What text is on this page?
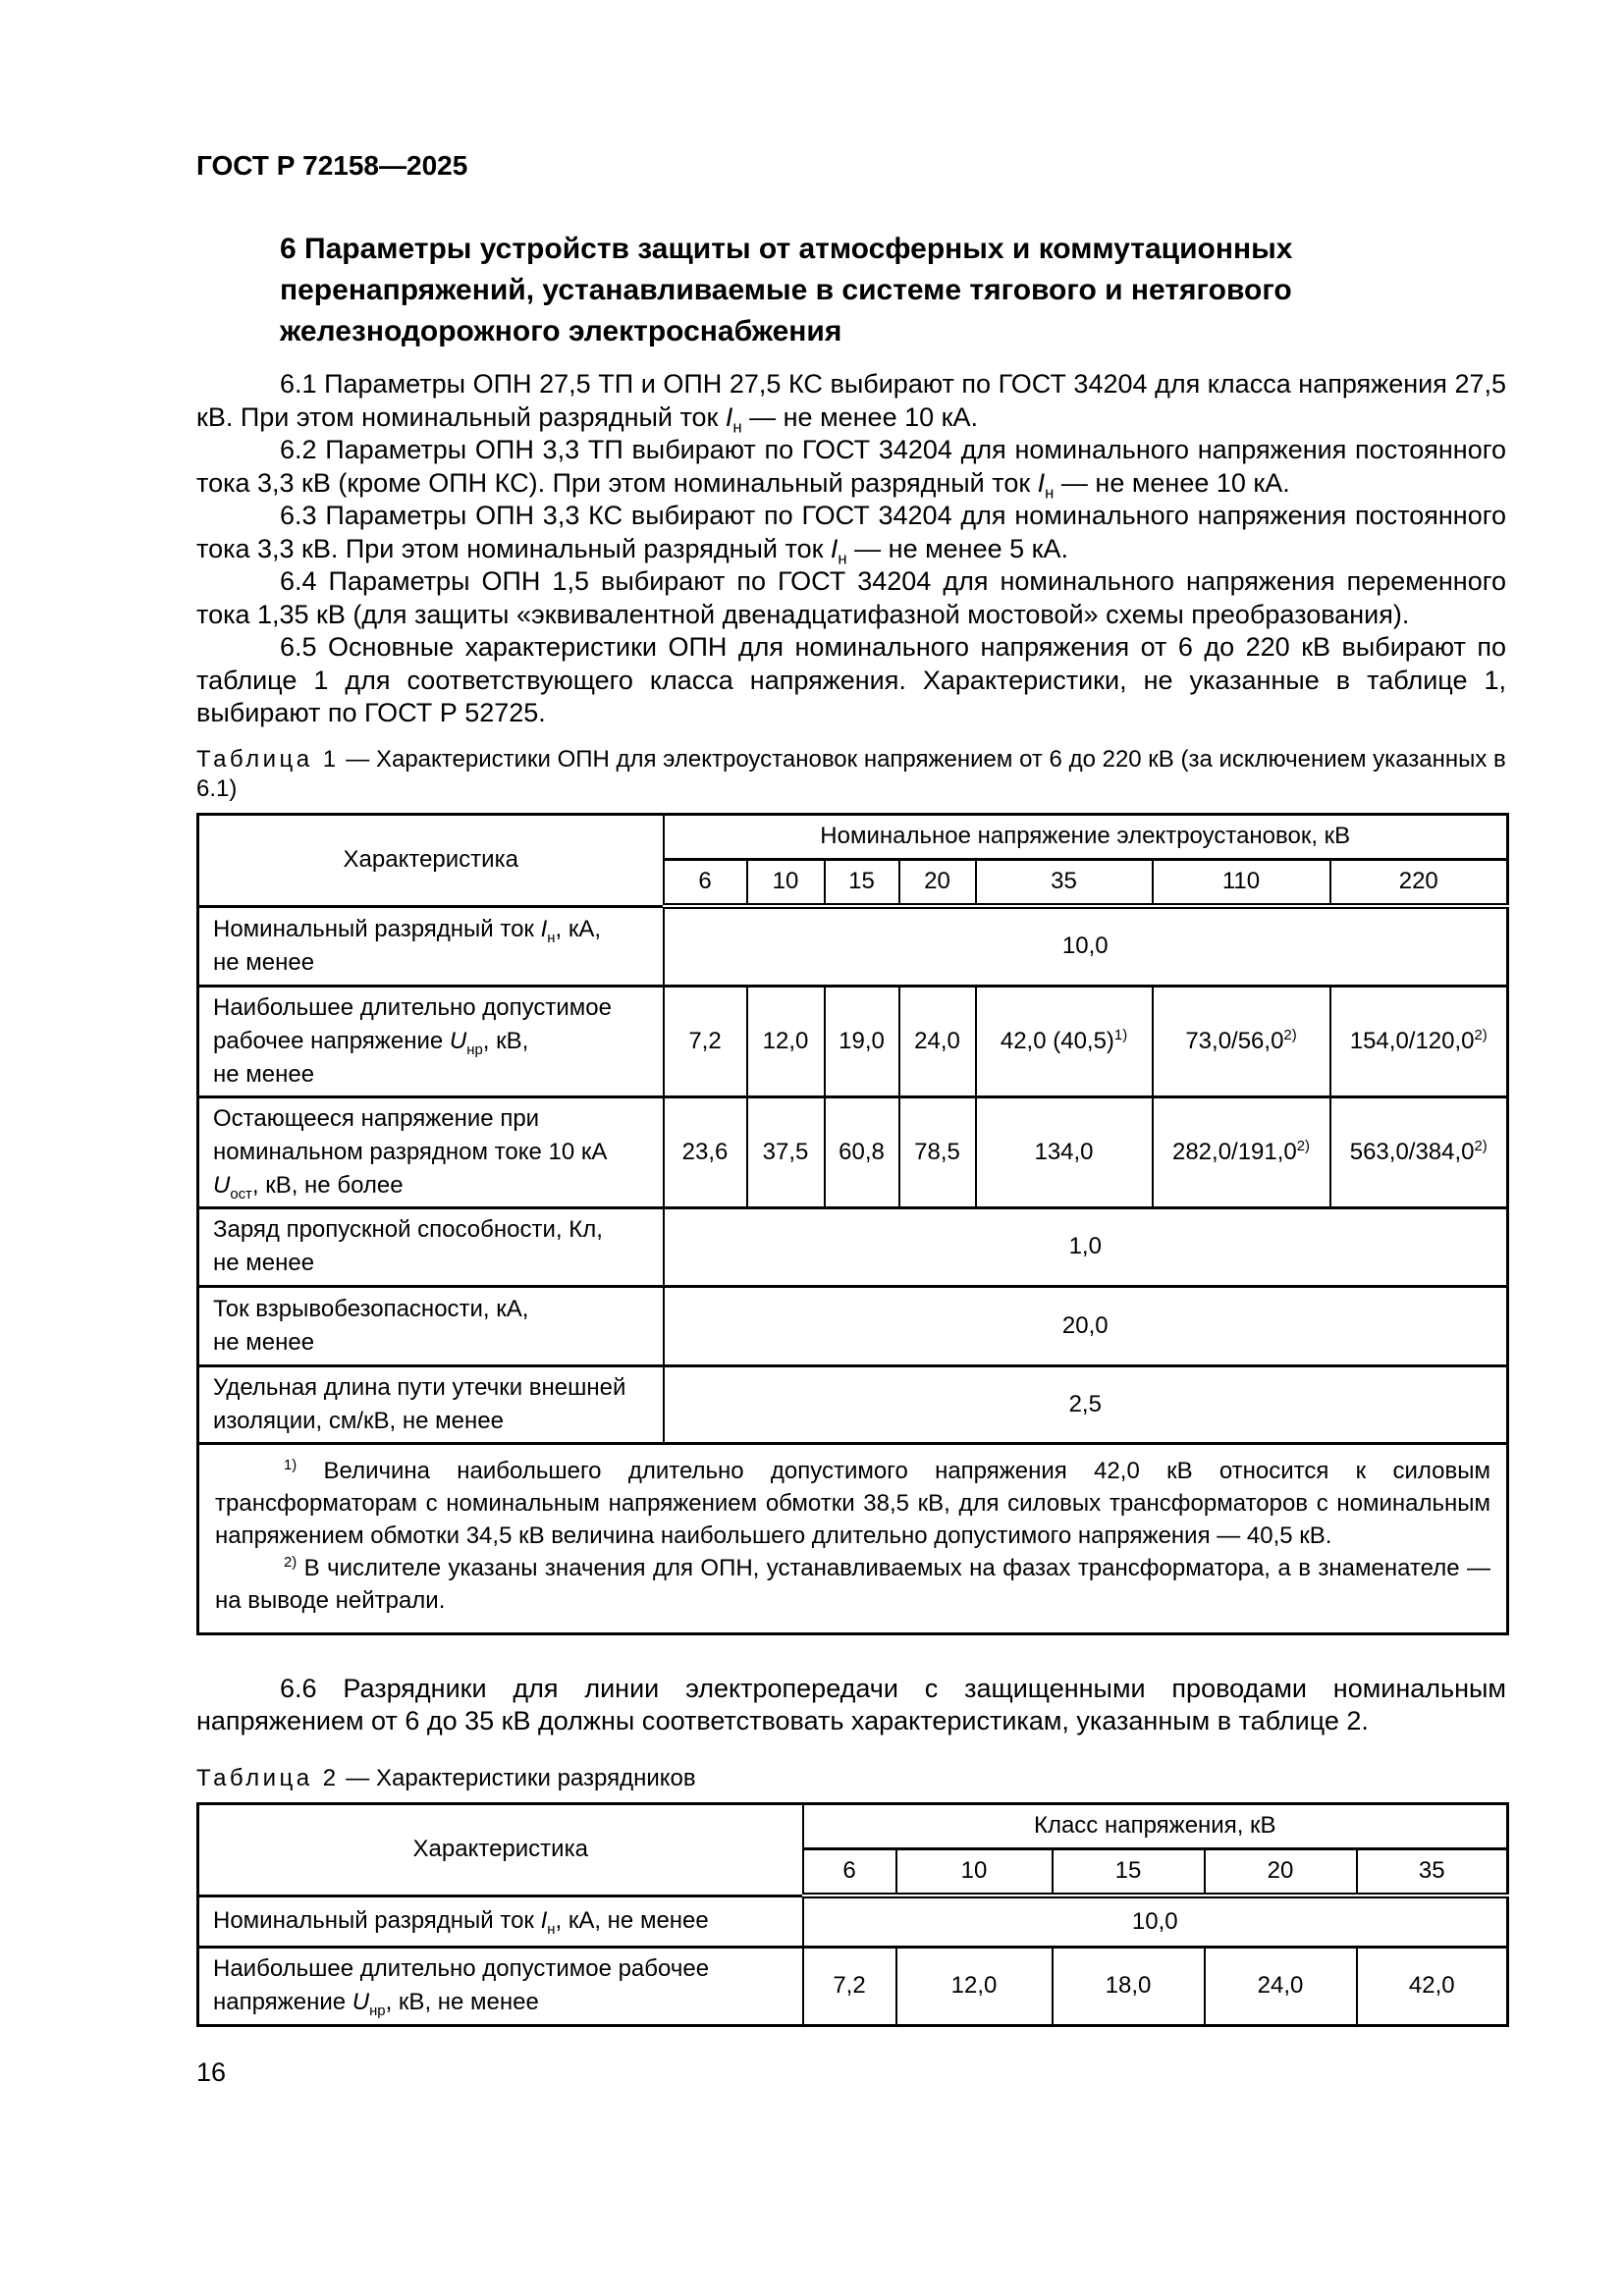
ГОСТ Р 72158—2025
6 Параметры устройств защиты от атмосферных и коммутационных перенапряжений, устанавливаемые в системе тягового и нетягового железнодорожного электроснабжения

6.1 Параметры ОПН 27,5 ТП и ОПН 27,5 КС выбирают по ГОСТ 34204 для класса напряжения 27,5 кВ. При этом номинальный разрядный ток $I_н$ — не менее 10 кА.

6.2 Параметры ОПН 3,3 ТП выбирают по ГОСТ 34204 для номинального напряжения постоянного тока 3,3 кВ (кроме ОПН КС). При этом номинальный разрядный ток $I_н$ — не менее 10 кА.

6.3 Параметры ОПН 3,3 КС выбирают по ГОСТ 34204 для номинального напряжения постоянного тока 3,3 кВ. При этом номинальный разрядный ток $I_н$ — не менее 5 кА.

6.4 Параметры ОПН 1,5 выбирают по ГОСТ 34204 для номинального напряжения переменного тока 1,35 кВ (для защиты «эквивалентной двенадцатифазной мостовой» схемы преобразования).

6.5 Основные характеристики ОПН для номинального напряжения от 6 до 220 кВ выбирают по таблице 1 для соответствующего класса напряжения. Характеристики, не указанные в таблице 1, выбирают по ГОСТ Р 52725.

Таблица 1 — Характеристики ОПН для электроустановок напряжением от 6 до 220 кВ (за исключением указанных в 6.1)

Характеристика	Номинальное напряжение электроустановок, кВ						
	6	10	15	20	35	110	220

Номинальный разрядный ток $I_н$, кА,
не менее	10,0						

Наибольшее длительно допустимое
рабочее напряжение $U_{нр}$, кВ,
не менее	7,2	12,0	19,0	24,0	42,0 $(40,5)^{1)}$	73,0/56,0$^{2)}$	154,0/120,0$^{2)}$

Остающееся напряжение при
номинальном разрядном токе 10 кА
$U_{ост}$, кВ, не более	23,6	37,5	60,8	78,5	134,0	282,0/191,0$^{2)}$	563,0/384,0$^{2)}$

Заряд пропускной способности, Кл,
не менее	1,0						

Ток взрывобезопасности, кА,
не менее	20,0						

Удельная длина пути утечки внешней
изоляции, см/кВ, не менее	2,5						

$^{1)}$ Величина наибольшего длительно допустимого напряжения 42,0 кВ относится к силовым трансформаторам с номинальным напряжением обмотки 38,5 кВ, для силовых трансформаторов с номинальным напряжением обмотки 34,5 кВ величина наибольшего длительно допустимого напряжения — 40,5 кВ.

$^{2)}$ В числителе указаны значения для ОПН, устанавливаемых на фазах трансформатора, а в знаменателе — на выводе нейтрали.							

6.6 Разрядники для линии электропередачи с защищенными проводами номинальным напряжением от 6 до 35 кВ должны соответствовать характеристикам, указанным в таблице 2.

Таблица 2 — Характеристики разрядников

Характеристика	Класс напряжения, кВ				
	6	10	15	20	35
Номинальный разрядный ток $I_н$, кА, не менее	10,0				

Наибольшее длительно допустимое рабочее
напряжение $U_{нр}$, кВ, не менее	7,2	12,0	18,0	24,0	42,0
16
